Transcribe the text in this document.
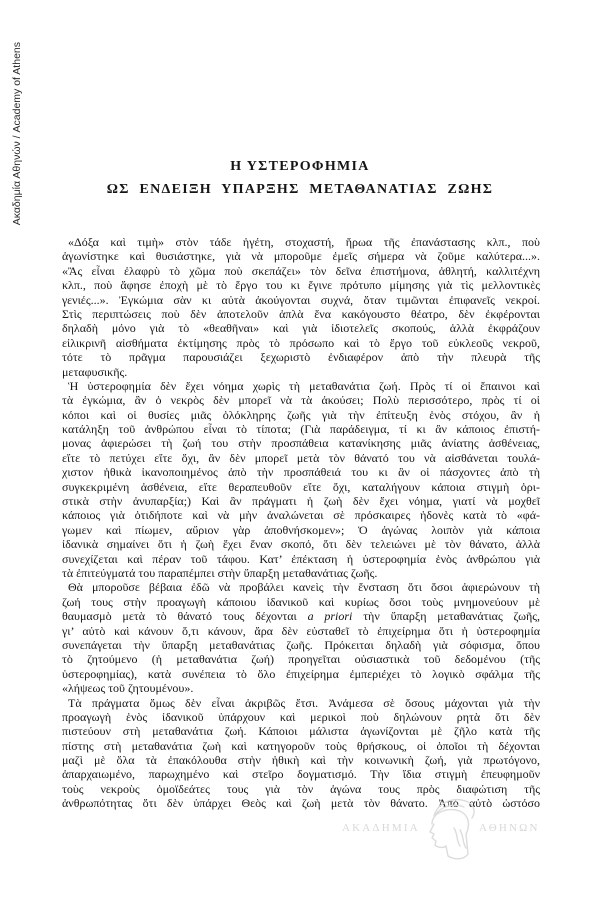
Ακαδημία Αθηνών / Academy of Athens	Η ΥΣΤΕΡΟΦΗΜΙΑ
ΩΣ ΕΝΔΕΙΞΗ ΥΠΑΡΞΗΣ ΜΕΤΑΘΑΝΑΤΙΑΣ ΖΩΗΣ
«Δόξα καὶ τιμὴ» στὸν τάδε ἡγέτη, στοχαστή, ἥρωα τῆς ἐπανάστασης κλπ., ποὺ
ἀγωνίστηκε καὶ θυσιάστηκε, γιὰ νὰ μποροῦμε ἐμεῖς σήμερα νὰ ζοῦμε καλύτερα...».
«Ἂς εἶναι ἐλαφρὺ τὸ χῶμα ποὺ σκεπάζει» τὸν δεῖνα ἐπιστήμονα, ἀθλητή, καλλιτέχνη
κλπ., ποὺ ἄφησε ἐποχὴ μὲ τὸ ἔργο του κι ἔγινε πρότυπο μίμησης γιὰ τὶς μελλοντικὲς
γενιές...». Ἐγκώμια σὰν κι αὐτὰ ἀκούγονται συχνά, ὅταν τιμῶνται ἐπιφανεῖς νεκροί.
Στὶς περιπτώσεις ποὺ δὲν ἀποτελοῦν ἁπλὰ ἕνα κακόγουστο θέατρο, δὲν ἐκφέρονται
δηλαδὴ μόνο γιὰ τὸ «θεαθῆναι» καὶ γιὰ ἰδιοτελεῖς σκοπούς, ἀλλὰ ἐκφράζουν
εἰλικρινῆ αἰσθήματα ἐκτίμησης πρὸς τὸ πρόσωπο καὶ τὸ ἔργο τοῦ εὐκλεοῦς νεκροῦ,
τότε τὸ πρᾶγμα παρουσιάζει ξεχωριστὸ ἐνδιαφέρον ἀπὸ τὴν πλευρὰ τῆς
μεταφυσικῆς.
Ἡ ὑστεροφημία δὲν ἔχει νόημα χωρὶς τὴ μεταθανάτια ζωή. Πρὸς τί οἱ ἔπαινοι καὶ
τὰ ἐγκώμια, ἂν ὁ νεκρὸς δὲν μπορεῖ νὰ τὰ ἀκούσει; Πολὺ περισσότερο, πρὸς τί οἱ
κόποι καὶ οἱ θυσίες μιᾶς ὁλόκληρης ζωῆς γιὰ τὴν ἐπίτευξη ἑνὸς στόχου, ἂν ἡ
κατάληξη τοῦ ἀνθρώπου εἶναι τὸ τίποτα; (Γιὰ παράδειγμα, τί κι ἂν κάποιος ἐπιστή-
μονας ἀφιερώσει τὴ ζωή του στὴν προσπάθεια κατανίκησης μιᾶς ἀνίατης ἀσθένειας,
εἴτε τὸ πετύχει εἴτε ὄχι, ἂν δὲν μπορεῖ μετὰ τὸν θάνατό του νὰ αἰσθάνεται τουλά-
χιστον ἠθικὰ ἱκανοποιημένος ἀπὸ τὴν προσπάθειά του κι ἂν οἱ πάσχοντες ἀπὸ τὴ
συγκεκριμένη ἀσθένεια, εἴτε θεραπευθοῦν εἴτε ὄχι, καταλήγουν κάποια στιγμὴ ὁρι-
στικὰ στὴν ἀνυπαρξία;) Καὶ ἂν πράγματι ἡ ζωὴ δὲν ἔχει νόημα, γιατί νὰ μοχθεῖ
κάποιος γιὰ ὁτιδήποτε καὶ νὰ μὴν ἀναλώνεται σὲ πρόσκαιρες ἡδονὲς κατὰ τὸ «φά-
γωμεν καὶ πίωμεν, αὔριον γὰρ ἀποθνήσκομεν»; Ὁ ἀγώνας λοιπὸν γιὰ κάποια
ἰδανικὰ σημαίνει ὅτι ἡ ζωὴ ἔχει ἕναν σκοπό, ὅτι δὲν τελειώνει μὲ τὸν θάνατο, ἀλλὰ
συνεχίζεται καὶ πέραν τοῦ τάφου. Κατ’ ἐπέκταση ἡ ὑστεροφημία ἑνὸς ἀνθρώπου γιὰ
τὰ ἐπιτεύγματά του παραπέμπει στὴν ὕπαρξη μεταθανάτιας ζωῆς.
Θὰ μποροῦσε βέβαια ἐδῶ νὰ προβάλει κανεὶς τὴν ἔνσταση ὅτι ὅσοι ἀφιερώνουν τὴ
ζωή τους στὴν προαγωγὴ κάποιου ἰδανικοῦ καὶ κυρίως ὅσοι τοὺς μνημονεύουν μὲ
θαυμασμὸ μετὰ τὸ θάνατό τους δέχονται a priori τὴν ὕπαρξη μεταθανάτιας ζωῆς,
γι’ αὐτὸ καὶ κάνουν ὅ,τι κάνουν, ἄρα δὲν εὐσταθεῖ τὸ ἐπιχείρημα ὅτι ἡ ὑστεροφημία
συνεπάγεται τὴν ὕπαρξη μεταθανάτιας ζωῆς. Πρόκειται δηλαδὴ γιὰ σόφισμα, ὅπου
τὸ ζητούμενο (ἡ μεταθανάτια ζωή) προηγεῖται οὐσιαστικὰ τοῦ δεδομένου (τῆς
ὑστεροφημίας), κατὰ συνέπεια τὸ ὅλο ἐπιχείρημα ἐμπεριέχει τὸ λογικὸ σφάλμα τῆς
«λήψεως τοῦ ζητουμένου».
Τὰ πράγματα ὅμως δὲν εἶναι ἀκριβῶς ἔτσι. Ἀνάμεσα σὲ ὅσους μάχονται γιὰ τὴν
προαγωγὴ ἑνὸς ἰδανικοῦ ὑπάρχουν καὶ μερικοὶ ποὺ δηλώνουν ρητὰ ὅτι δὲν
πιστεύουν στὴ μεταθανάτια ζωή. Κάποιοι μάλιστα ἀγωνίζονται μὲ ζῆλο κατὰ τῆς
πίστης στὴ μεταθανάτια ζωὴ καὶ κατηγοροῦν τοὺς θρήσκους, οἱ ὁποῖοι τὴ δέχονται
μαζὶ μὲ ὅλα τὰ ἐπακόλουθα στὴν ἠθικὴ καὶ τὴν κοινωνικὴ ζωή, γιὰ πρωτόγονο,
ἀπαρχαιωμένο, παρωχημένο καὶ στεῖρο δογματισμό. Τὴν ἴδια στιγμὴ ἐπευφημοῦν
τοὺς νεκροὺς ὁμοϊδεάτες τους γιὰ τὸν ἀγώνα τους πρὸς διαφώτιση τῆς
ἀνθρωπότητας ὅτι δὲν ὑπάρχει Θεὸς καὶ ζωὴ μετὰ τὸν θάνατο. Ἀπὸ αὐτὸ ὡστόσο
ΑΚΑΔΗΜΙΑ	ΑΘΗΝΩΝ
